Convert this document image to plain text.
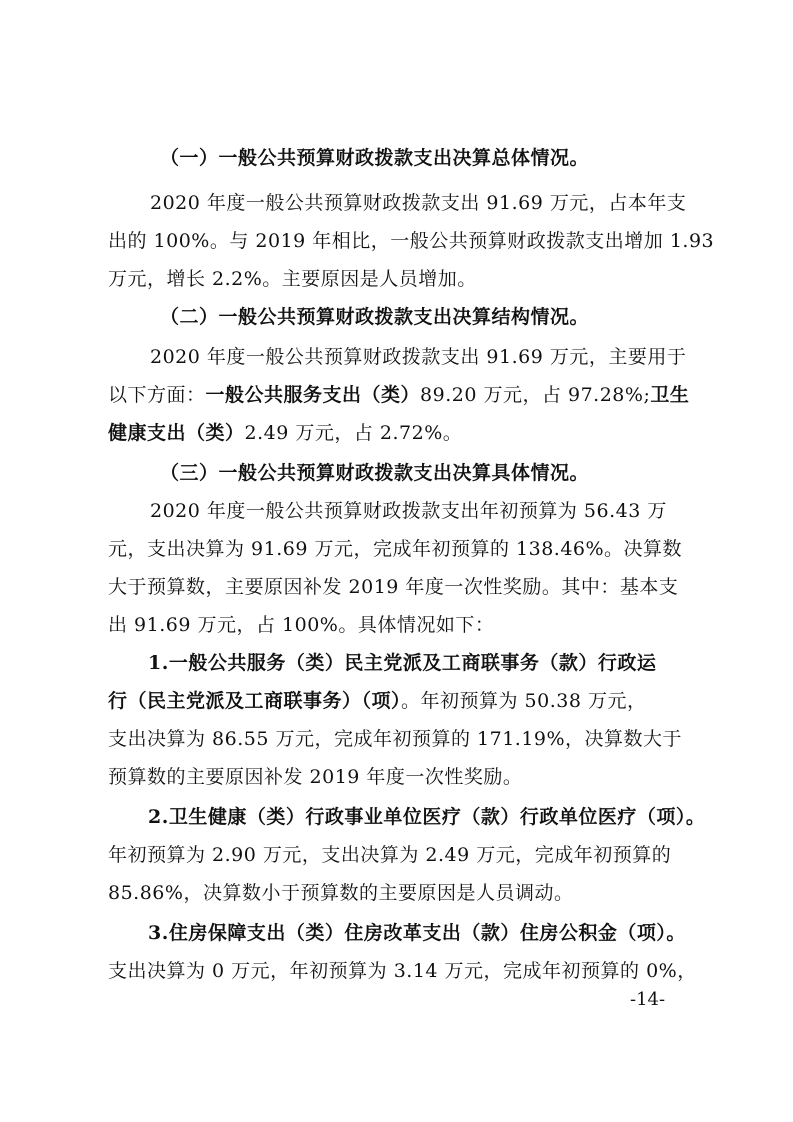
（一）一般公共预算财政拨款支出决算总体情况。
2020 年度一般公共预算财政拨款支出 91.69 万元，占本年支
出的 100%。与 2019 年相比，一般公共预算财政拨款支出增加 1.93
万元，增长 2.2%。主要原因是人员增加。
（二）一般公共预算财政拨款支出决算结构情况。
2020 年度一般公共预算财政拨款支出 91.69 万元，主要用于
以下方面：一般公共服务支出（类）89.20 万元，占 97.28%;卫生
健康支出（类）2.49 万元，占 2.72%。
（三）一般公共预算财政拨款支出决算具体情况。
2020 年度一般公共预算财政拨款支出年初预算为 56.43 万
元，支出决算为 91.69 万元，完成年初预算的 138.46%。决算数
大于预算数，主要原因补发 2019 年度一次性奖励。其中：基本支
出 91.69 万元，占 100%。具体情况如下：
1.一般公共服务（类）民主党派及工商联事务（款）行政运
行（民主党派及工商联事务）（项）。年初预算为 50.38 万元，
支出决算为 86.55 万元，完成年初预算的 171.19%，决算数大于
预算数的主要原因补发 2019 年度一次性奖励。
2.卫生健康（类）行政事业单位医疗（款）行政单位医疗（项）。
年初预算为 2.90 万元，支出决算为 2.49 万元，完成年初预算的
85.86%，决算数小于预算数的主要原因是人员调动。
3.住房保障支出（类）住房改革支出（款）住房公积金（项）。
支出决算为 0 万元，年初预算为 3.14 万元，完成年初预算的 0%，
-14-
